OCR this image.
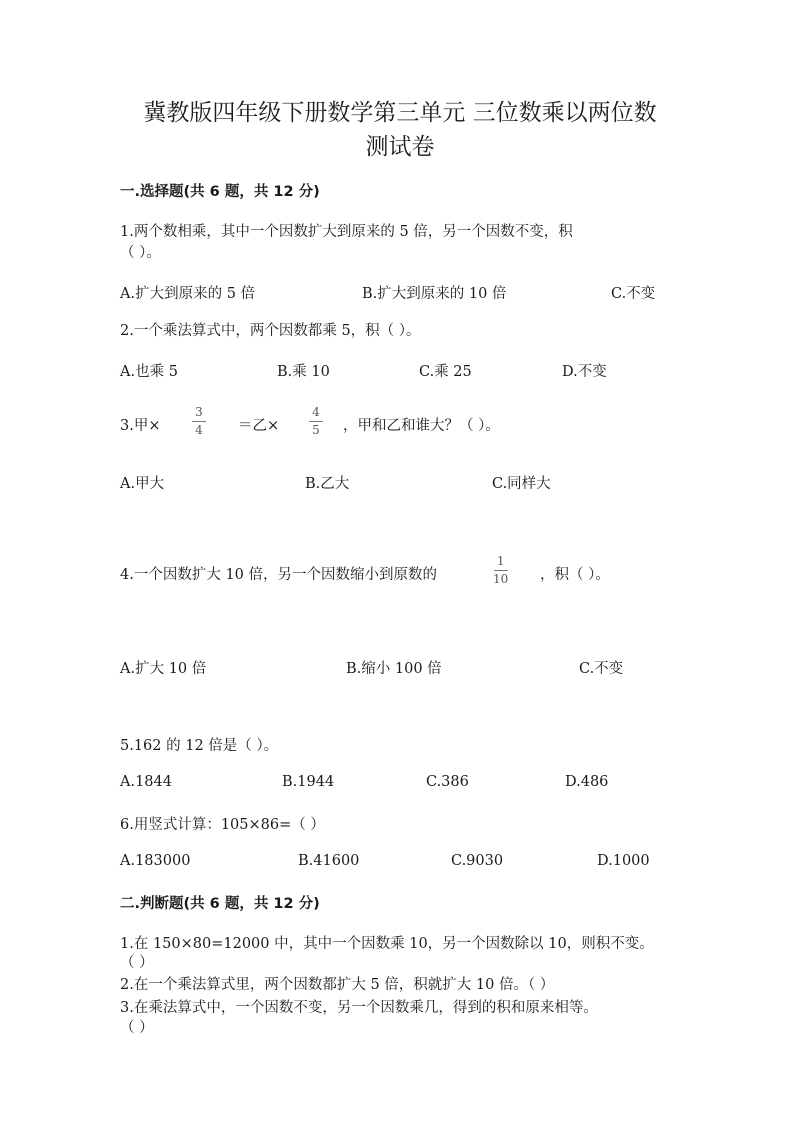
冀教版四年级下册数学第三单元 三位数乘以两位数
测试卷
一.选择题(共 6 题，共 12 分)
1.两个数相乘，其中一个因数扩大到原来的 5 倍，另一个因数不变，积
（ ）。
A.扩大到原来的 5 倍	B.扩大到原来的 10 倍	C.不变
2.一个乘法算式中，两个因数都乘 5，积（ ）。
A.也乘 5	B.乘 10	C.乘 25	D.不变
3.甲×
3
4 ＝乙×
4
5 ，甲和乙和谁大？（ ）。
A.甲大	B.乙大	C.同样大
4.一个因数扩大 10 倍，另一个因数缩小到原数的
1
10 ，积（ ）。
A.扩大 10 倍	B.缩小 100 倍	C.不变
5.162 的 12 倍是（ ）。
A.1844	B.1944	C.386	D.486
6.用竖式计算：105×86=（ ）
A.183000	B.41600	C.9030	D.1000
二.判断题(共 6 题，共 12 分)
1.在 150×80=12000 中，其中一个因数乘 10，另一个因数除以 10，则积不变。
（ ）
2.在一个乘法算式里，两个因数都扩大 5 倍，积就扩大 10 倍。（ ）
3.在乘法算式中，一个因数不变，另一个因数乘几，得到的积和原来相等。
（ ）
